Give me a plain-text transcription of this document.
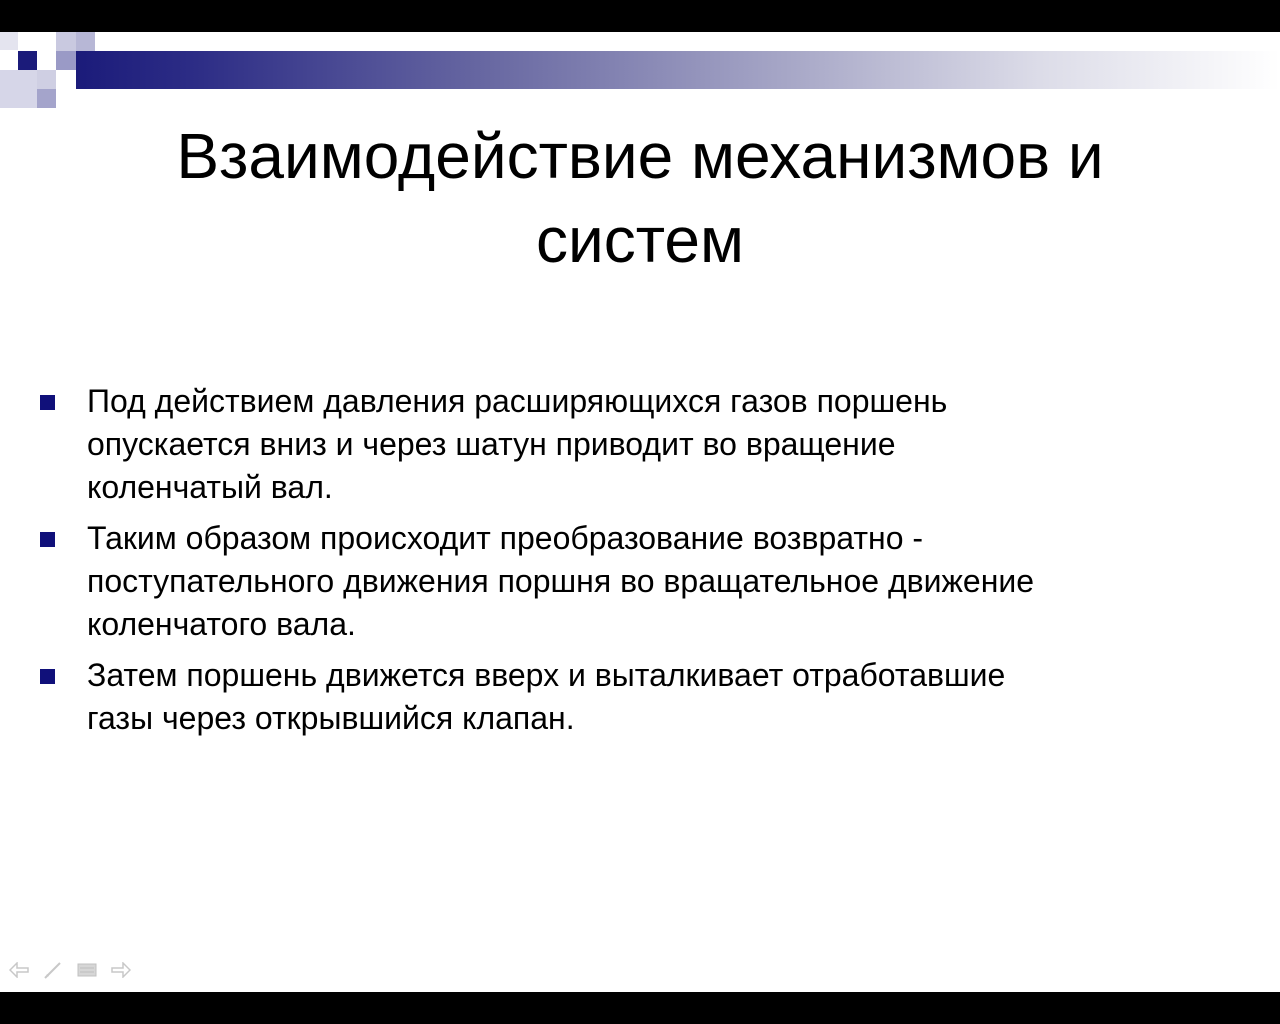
Взаимодействие механизмов и
систем
Под действием давления расширяющихся газов поршень
опускается вниз и через шатун приводит во вращение
коленчатый вал.
Таким образом происходит преобразование возвратно -
поступательного движения поршня во вращательное движение
коленчатого вала.
Затем поршень движется вверх и выталкивает отработавшие
газы через открывшийся клапан.
